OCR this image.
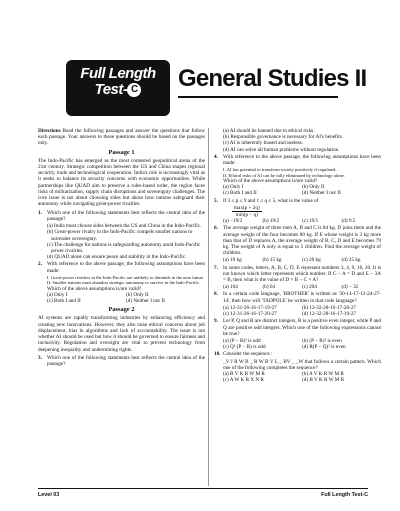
Full Length
Test- C	General Studies II

Directions Read the following passages and answer the questions that follow each passage. Your answers to these questions should be based on the passages only.

Passage 1

The Indo-Pacific has emerged as the most contested geopolitical arena of the 21st century. Strategic competition between the US and China shapes regional security, trade and technological cooperation. India's role is increasingly vital as it seeks to balance its security concerns with economic opportunities. While partnerships like QUAD aim to preserve a rules-based order, the region faces risks of militarization, supply chain disruptions and sovereignty challenges. The core issue is not about choosing sides but about how nations safeguard their autonomy while navigating great-power rivalries.

1. Which one of the following statements best reflects the central idea of the passage?
(a) India must choose sides between the US and China in the Indo-Pacific.
(b) Great-power rivalry in the Indo-Pacific compels smaller nations to surrender sovereignty.
(c) The challenge for nations is safeguarding autonomy amid Indo-Pacific power rivalries.
(d) QUAD alone can ensure peace and stability in the Indo-Pacific.
2. With reference to the above passage, the following assumptions have been made:
I. Great-power rivalries in the Indo-Pacific are unlikely to diminish in the near future.
II. Smaller nations must abandon strategic autonomy to survive in the Indo-Pacific.
Which of the above assumptions is/are valid?
(a) Only I	(b) Only II
(c) Both I and II	(d) Neither I nor II
Passage 2

AI systems are rapidly transforming industries by enhancing efficiency and creating new innovations. However, they also raise ethical concerns about job displacement, bias in algorithms and lack of accountability. The issue is not whether AI should be used but how it should be governed to ensure fairness and inclusivity. Regulation and oversight are vital to prevent technology from deepening inequality and undermining rights.

3. Which one of the following statements best reflects the central idea of the passage?
(a) AI should be banned due to ethical risks.
(b) Responsible governance is necessary for AI's benefits.
(c) AI is inherently biased and useless.
(d) AI can solve all human problems without regulation.
4. With reference to the above passage, the following assumptions have been made:
I. AI has potential to transform society positively if regulated.
II. Ethical risks of AI can be fully eliminated by technology alone.
Which of the above assumptions is/are valid?
(a) Only I	(b) Only II
(c) Both I and II	(d) Neither I nor II
5. If 3 ≤ p ≤ 9 and 1 ≤ q ≤ 5, what is the value of
max(p + 2q)
min(p − q)
(a) −19/2	(b) 19/2	(c) 19/1	(d) 9.5
6. The average weight of three men A, B and C is 84 kg. D joins them and the average weight of the four becomes 80 kg. If E whose weight is 3 kg more than that of D replaces A, the average weight of B, C, D and E becomes 79 kg. The weight of A only is equal to 5 children. Find the average weight of children.
(a) 10 kg	(b) 15 kg	(c) 20 kg	(d) 25 kg
7. In some codes, letters, A, B, C, D, E represent numbers 3, 4, 9, 16, 20. It is not known which letter represents which number. If C − A = D and E − 3A = B, then what is the value of D × B − C × A?
(a) 104	(b) 64	(c) 204	(d) − 32
8. In a certain code language, 'BROTHER' is written as '30-14-17-12-24-27-14', then how will 'TADPOLE' be written in that code language?
(a) 12-31-26-16-17-19-27	(b) 12-32-28-16-17-20-27
(c) 12-31-26-16-17-20-27	(d) 12-32-28-16-17-19-27
9. Let P, Q and R are distinct integers, R is a positive even integer, while P and Q are positive odd integers. Which one of the following expressions cannot be true?
(a) (P − R)³ is odd	(b) (P − R)² is even
(c) Q² (P − R) is odd	(d) R(P − Q)² is even
10. Consider the sequence :
_V J R W B _ R W B V L _ BV _ _W that follows a certain pattern. Which one of the following completes the sequence?
(a) B V K R W M R	(b) A V K R W M R
(c) A W K R X N R	(d) B V K R W M R
Level 03	Full Length Test-C
